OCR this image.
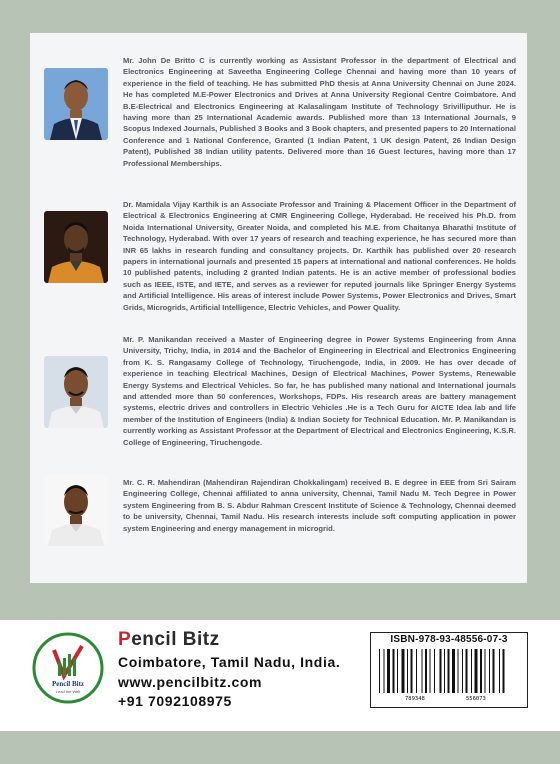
Mr. John De Britto C is currently working as Assistant Professor in the department of Electrical and Electronics Engineering at Saveetha Engineering College Chennai and having more than 10 years of experience in the field of teaching. He has submitted PhD thesis at Anna University Chennai on June 2024. He has completed M.E-Power Electronics and Drives at Anna University Regional Centre Coimbatore. And B.E-Electrical and Electronics Engineering at Kalasalingam Institute of Technology Srivilliputhur. He is having more than 25 International Academic awards. Published more than 13 International Journals, 9 Scopus Indexed Journals, Published 3 Books and 3 Book chapters, and presented papers to 20 International Conference and 1 National Conference, Granted (1 Indian Patent, 1 UK design Patent, 26 Indian Design Patent), Published 38 Indian utility patents. Delivered more than 16 Guest lectures, having more than 17 Professional Memberships.

Dr. Mamidala Vijay Karthik is an Associate Professor and Training & Placement Officer in the Department of Electrical & Electronics Engineering at CMR Engineering College, Hyderabad. He received his Ph.D. from Noida International University, Greater Noida, and completed his M.E. from Chaitanya Bharathi Institute of Technology, Hyderabad. With over 17 years of research and teaching experience, he has secured more than INR 65 lakhs in research funding and consultancy projects. Dr. Karthik has published over 20 research papers in international journals and presented 15 papers at international and national conferences. He holds 10 published patents, including 2 granted Indian patents. He is an active member of professional bodies such as IEEE, ISTE, and IETE, and serves as a reviewer for reputed journals like Springer Energy Systems and Artificial Intelligence. His areas of interest include Power Systems, Power Electronics and Drives, Smart Grids, Microgrids, Artificial Intelligence, Electric Vehicles, and Power Quality.

Mr. P. Manikandan received a Master of Engineering degree in Power Systems Engineering from Anna University, Trichy, India, in 2014 and the Bachelor of Engineering in Electrical and Electronics Engineering from K. S. Rangasamy College of Technology, Tiruchengode, India, in 2009. He has over decade of experience in teaching Electrical Machines, Design of Electrical Machines, Power Systems, Renewable Energy Systems and Electrical Vehicles. So far, he has published many national and International journals and attended more than 50 conferences, Workshops, FDPs. His research areas are battery management systems, electric drives and controllers in Electric Vehicles .He is a Tech Guru for AICTE Idea lab and life member of the Institution of Engineers (India) & Indian Society for Technical Education. Mr. P. Manikandan is currently working as Assistant Professor at the Department of Electrical and Electronics Engineering, K.S.R. College of Engineering, Tiruchengode.

Mr. C. R. Mahendiran (Mahendiran Rajendiran Chokkalingam) received B. E degree in EEE from Sri Sairam Engineering College, Chennai affiliated to anna university, Chennai, Tamil Nadu M. Tech Degree in Power system Engineering from B. S. Abdur Rahman Crescent Institute of Science & Technology, Chennai deemed to be university, Chennai, Tamil Nadu. His research interests include soft computing application in power system Engineering and energy management in microgrid.

Pencil Bitz
Lead the Well
Pencil Bitz
Coimbatore, Tamil Nadu, India.
www.pencilbitz.com
+91 7092108975
ISBN-978-93-48556-07-3
789348	556073
